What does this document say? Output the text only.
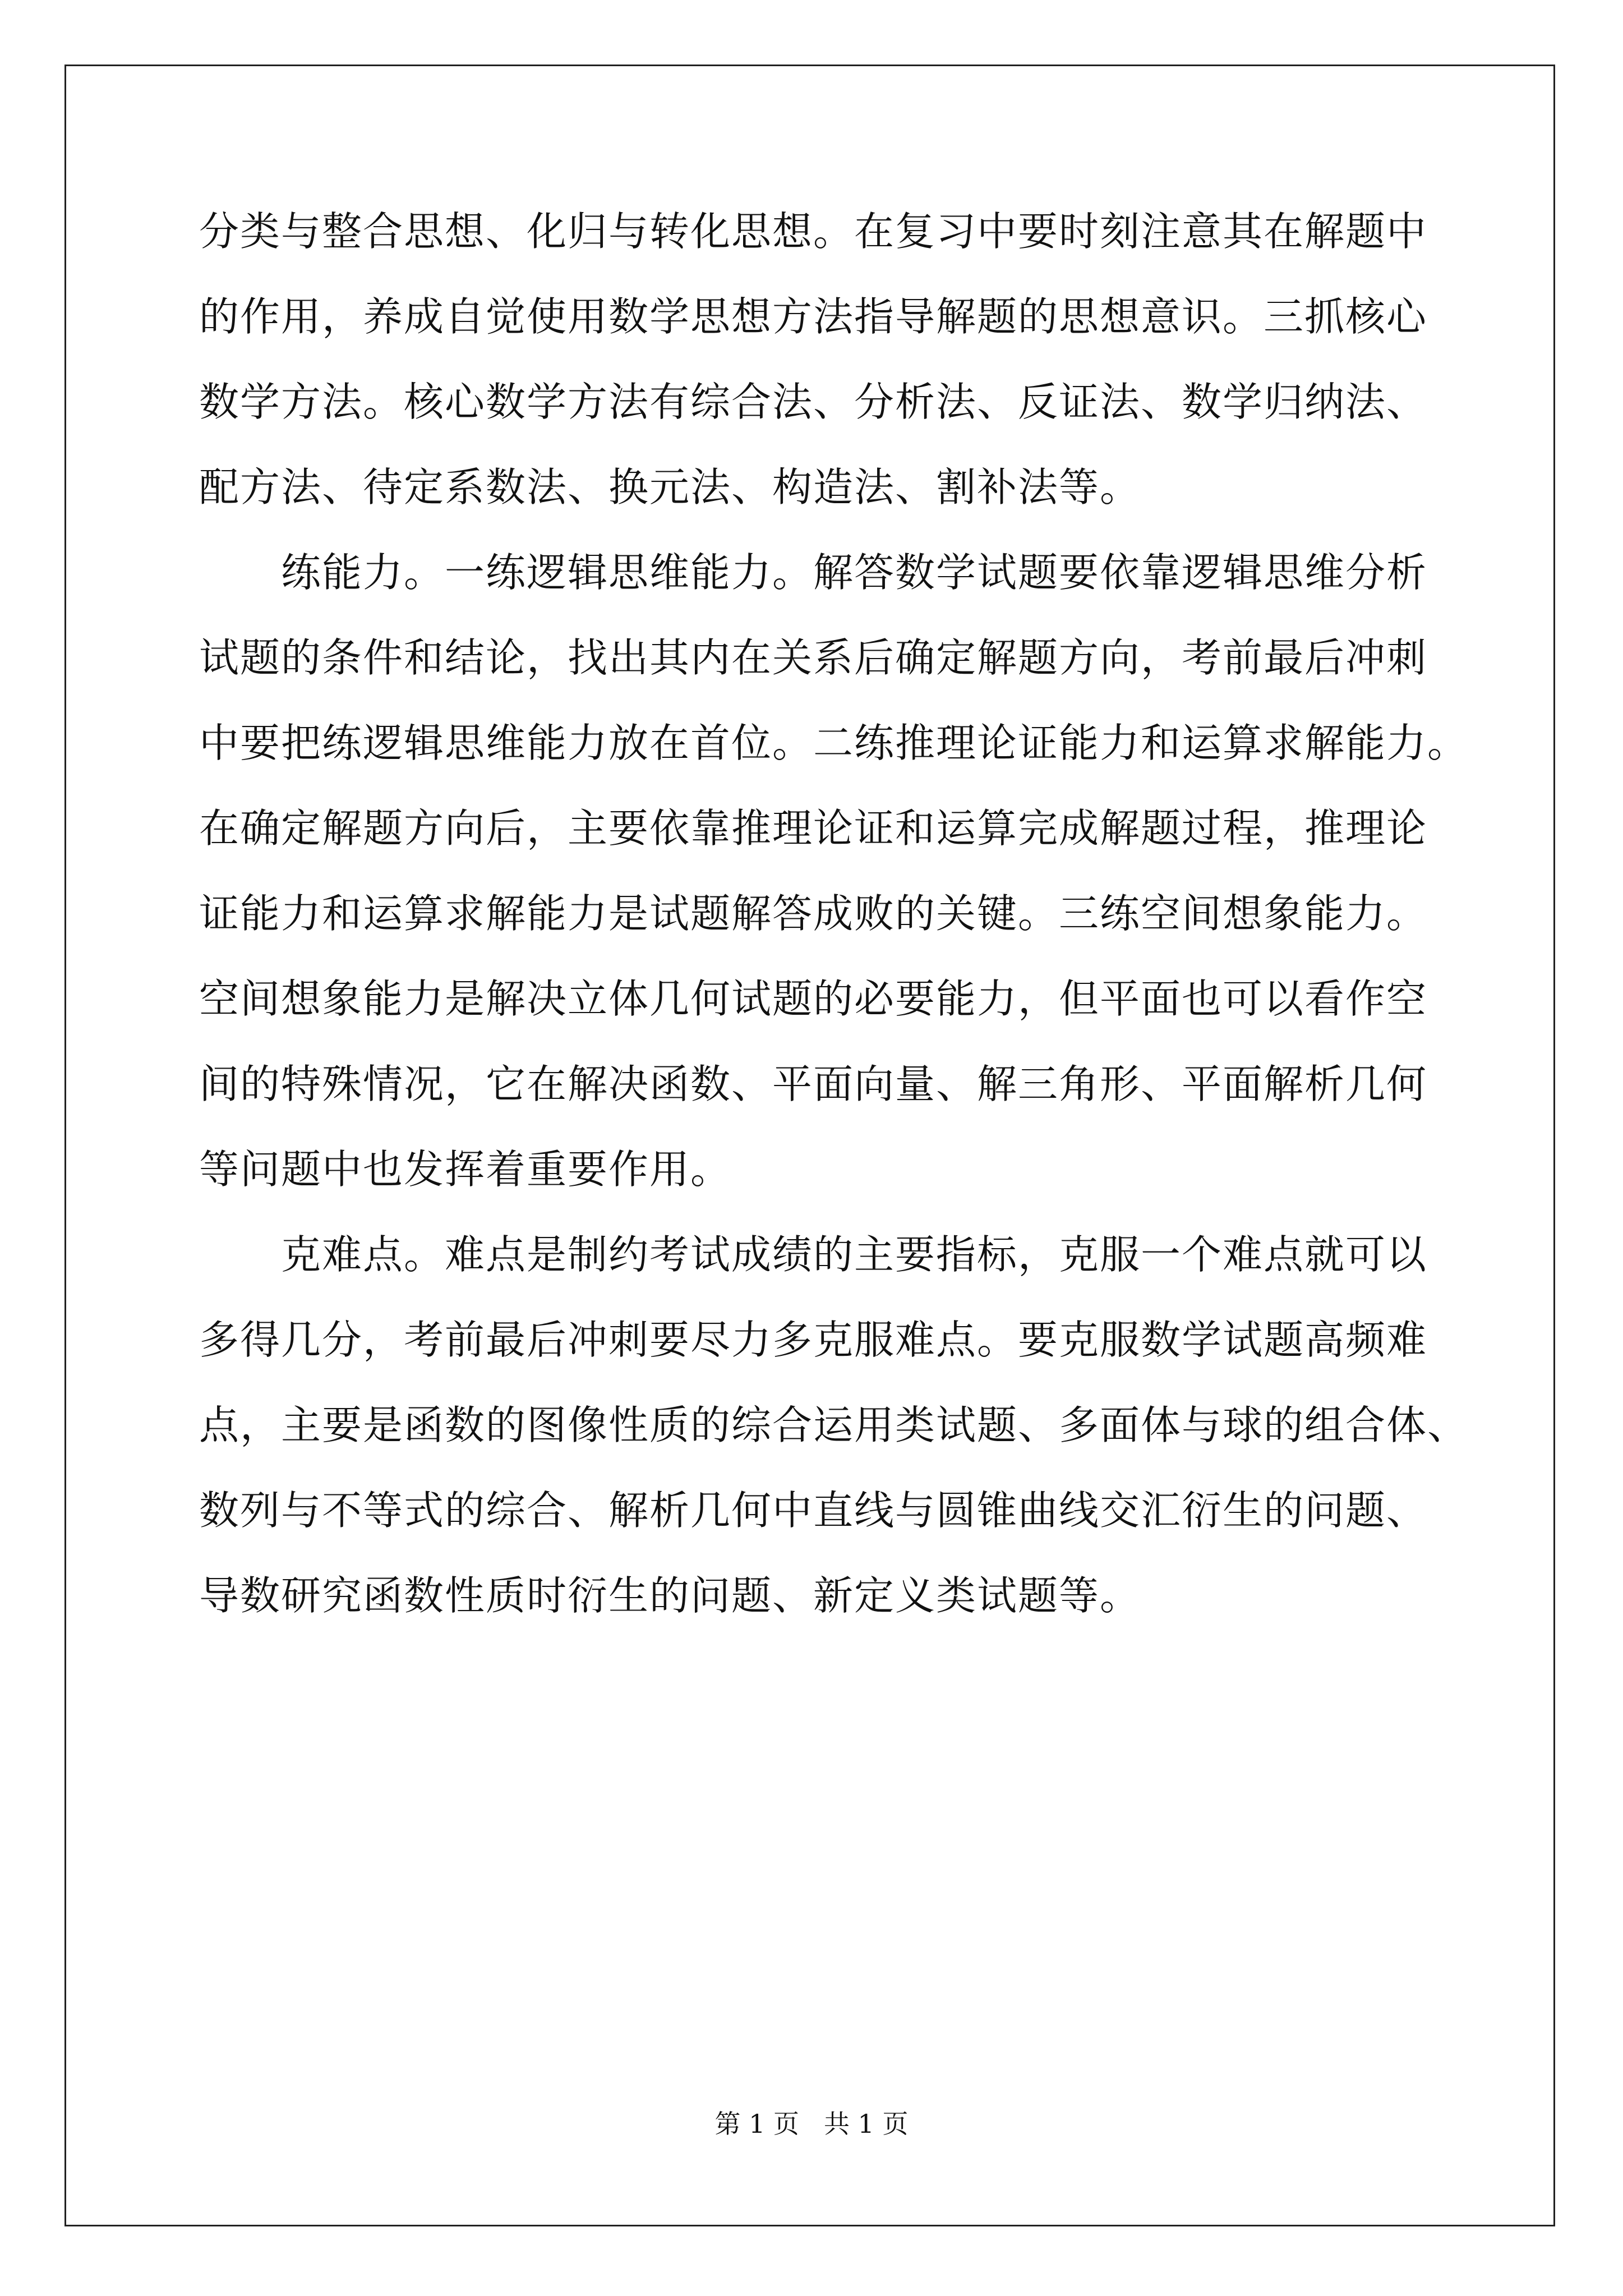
分类与整合思想、化归与转化思想。在复习中要时刻注意其在解题中
的作用，养成自觉使用数学思想方法指导解题的思想意识。三抓核心
数学方法。核心数学方法有综合法、分析法、反证法、数学归纳法、
配方法、待定系数法、换元法、构造法、割补法等。
练能力。一练逻辑思维能力。解答数学试题要依靠逻辑思维分析
试题的条件和结论，找出其内在关系后确定解题方向，考前最后冲刺
中要把练逻辑思维能力放在首位。二练推理论证能力和运算求解能力。
在确定解题方向后，主要依靠推理论证和运算完成解题过程，推理论
证能力和运算求解能力是试题解答成败的关键。三练空间想象能力。
空间想象能力是解决立体几何试题的必要能力，但平面也可以看作空
间的特殊情况，它在解决函数、平面向量、解三角形、平面解析几何
等问题中也发挥着重要作用。
克难点。难点是制约考试成绩的主要指标，克服一个难点就可以
多得几分，考前最后冲刺要尽力多克服难点。要克服数学试题高频难
点，主要是函数的图像性质的综合运用类试题、多面体与球的组合体、
数列与不等式的综合、解析几何中直线与圆锥曲线交汇衍生的问题、
导数研究函数性质时衍生的问题、新定义类试题等。
第 1 页 共 1 页
